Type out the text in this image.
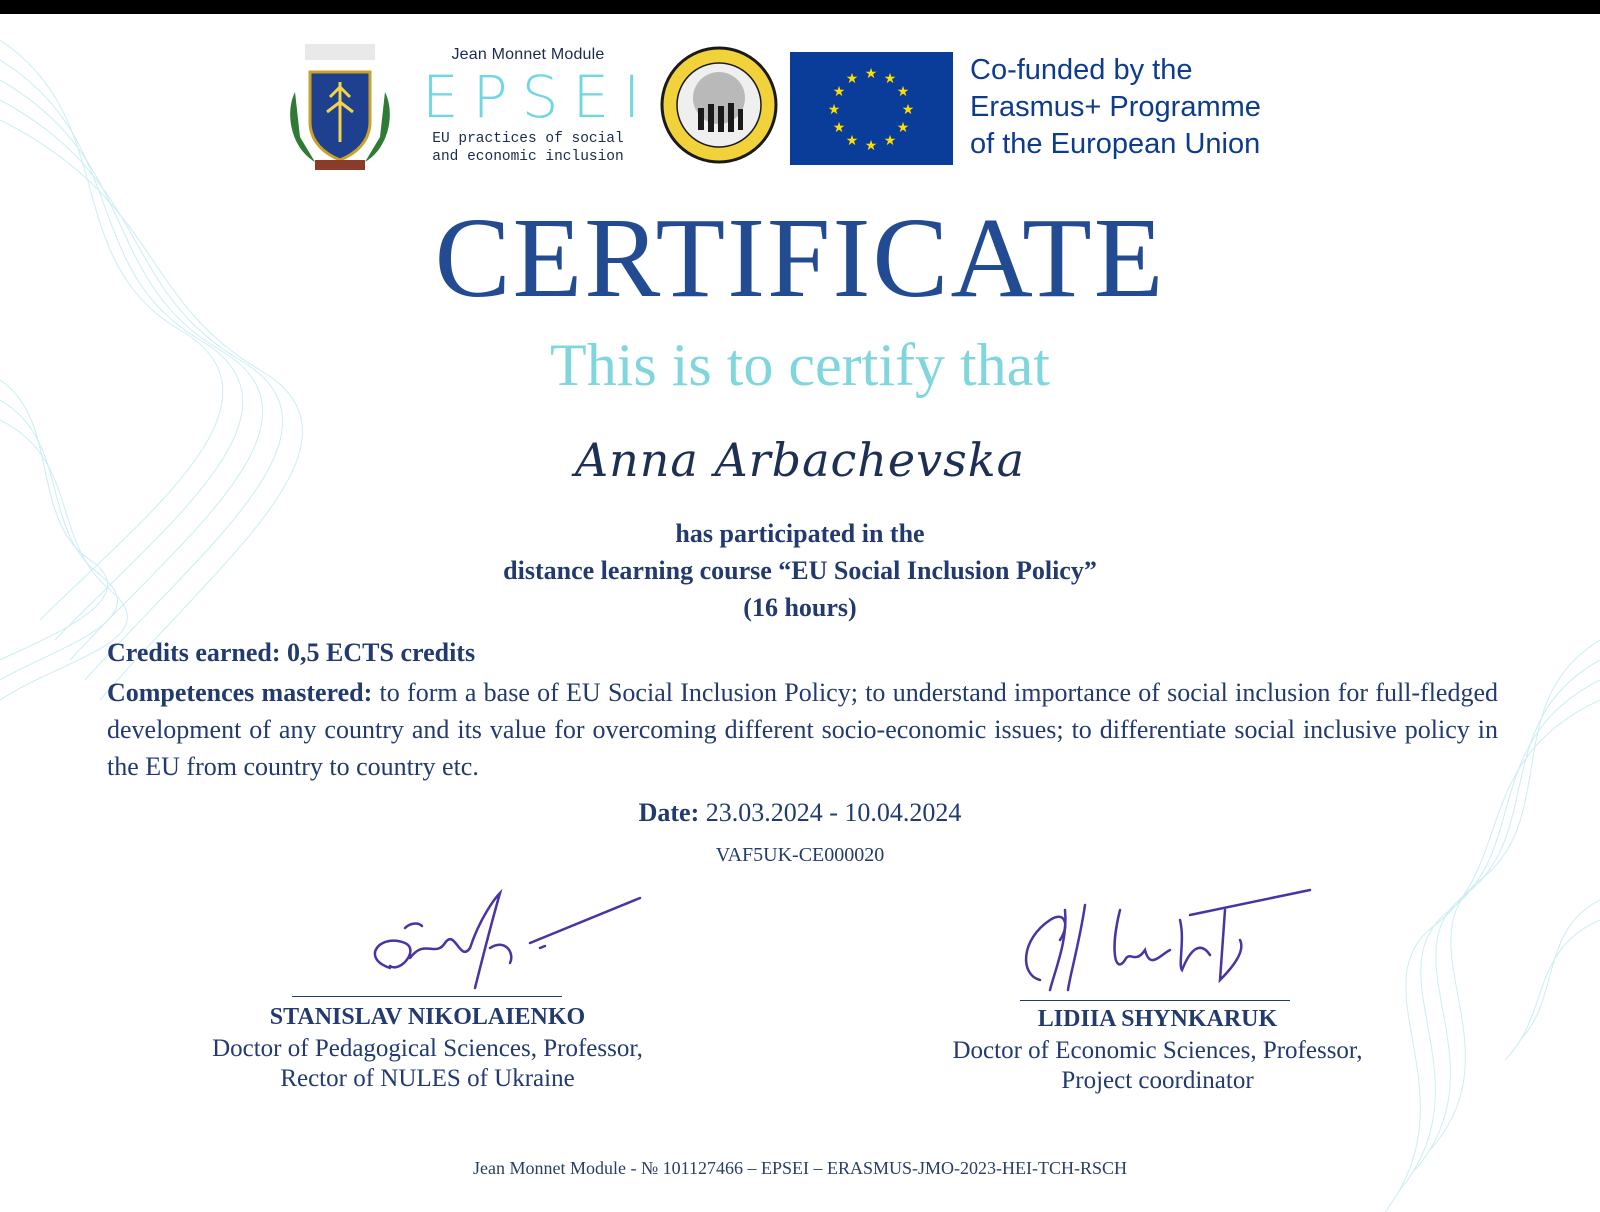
Jean Monnet Module
EPSEI
EU practices of social
and economic inclusion
★ ★
★
★
★
★
★
★
★
★
★
★	Co-funded by the
Erasmus+ Programme
of the European Union
CERTIFICATE
This is to certify that
Anna Arbachevska
has participated in the
distance learning course “EU Social Inclusion Policy”
(16 hours)
Credits earned: 0,5 ECTS credits
Competences mastered: to form a base of EU Social Inclusion Policy; to understand importance of social inclusion for full-fledged development of any country and its value for overcoming different socio-economic issues; to differentiate social inclusive policy in the EU from country to country etc.
Date: 23.03.2024 - 10.04.2024
VAF5UK-CE000020
STANISLAV NIKOLAIENKO
Doctor of Pedagogical Sciences, Professor,
Rector of NULES of Ukraine
LIDIIA SHYNKARUK
Doctor of Economic Sciences, Professor,
Project coordinator
Jean Monnet Module - № 101127466 – EPSEI – ERASMUS-JMO-2023-HEI-TCH-RSCH
